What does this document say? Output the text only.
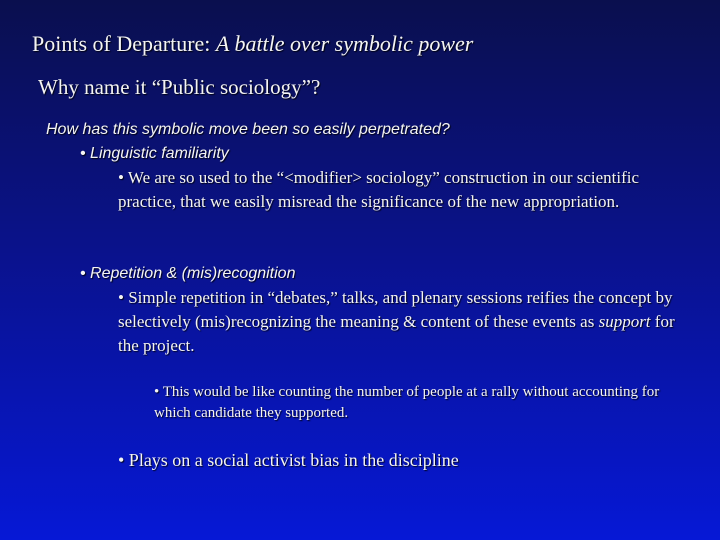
Points of Departure: A battle over symbolic power

Why name it “Public sociology”?

How has this symbolic move been so easily perpetrated?

• Linguistic familiarity

• We are so used to the “<modifier> sociology” construction in our scientific practice, that we easily misread the significance of the new appropriation.

• Repetition & (mis)recognition

• Simple repetition in “debates,” talks, and plenary sessions reifies the concept by selectively (mis)recognizing the meaning & content of these events as support for the project.

• This would be like counting the number of people at a rally without accounting for which candidate they supported.

• Plays on a social activist bias in the discipline
